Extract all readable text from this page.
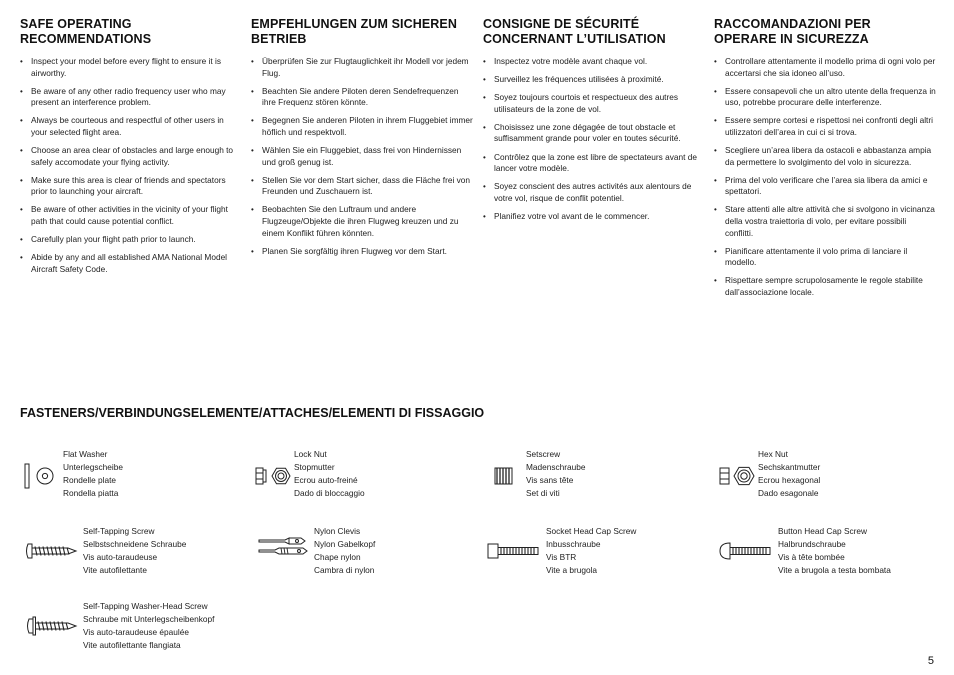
SAFE OPERATING RECOMMENDATIONS
• Inspect your model before every flight to ensure it is airworthy.
• Be aware of any other radio frequency user who may present an interference problem.
• Always be courteous and respectful of other users in your selected flight area.
• Choose an area clear of obstacles and large enough to safely accomodate your flying activity.
• Make sure this area is clear of friends and spectators prior to launching your aircraft.
• Be aware of other activities in the vicinity of your flight path that could cause potential conflict.
• Carefully plan your flight path prior to launch.
• Abide by any and all established AMA National Model Aircraft Safety Code.
EMPFEHLUNGEN ZUM SICHEREN BETRIEB
• Überprüfen Sie zur Flugtauglichkeit ihr Modell vor jedem Flug.
• Beachten Sie andere Piloten deren Sendefrequenzen ihre Frequenz stören könnte.
• Begegnen Sie anderen Piloten in ihrem Fluggebiet immer höflich und respektvoll.
• Wählen Sie ein Fluggebiet, dass frei von Hindernissen und groß genug ist.
• Stellen Sie vor dem Start sicher, dass die Fläche frei von Freunden und Zuschauern ist.
• Beobachten Sie den Luftraum und andere Flugzeuge/Objekte die ihren Flugweg kreuzen und zu einem Konflikt führen könnten.
• Planen Sie sorgfältig ihren Flugweg vor dem Start.
CONSIGNE DE SÉCURITÉ CONCERNANT L’UTILISATION
• Inspectez votre modèle avant chaque vol.
• Surveillez les fréquences utilisées à proximité.
• Soyez toujours courtois et respectueux des autres utilisateurs de la zone de vol.
• Choisissez une zone dégagée de tout obstacle et suffisamment grande pour voler en toutes sécurité.
• Contrôlez que la zone est libre de spectateurs avant de lancer votre modèle.
• Soyez conscient des autres activités aux alentours de votre vol, risque de conflit potentiel.
• Planifiez votre vol avant de le commencer.
RACCOMANDAZIONI PER OPERARE IN SICUREZZA
• Controllare attentamente il modello prima di ogni volo per accertarsi che sia idoneo all’uso.
• Essere consapevoli che un altro utente della frequenza in uso, potrebbe procurare delle interferenze.
• Essere sempre cortesi e rispettosi nei confronti degli altri utilizzatori dell’area in cui ci si trova.
• Scegliere un’area libera da ostacoli e abbastanza ampia da permettere lo svolgimento del volo in sicurezza.
• Prima del volo verificare che l’area sia libera da amici e spettatori.
• Stare attenti alle altre attività che si svolgono in vicinanza della vostra traiettoria di volo, per evitare possibili conflitti.
• Pianificare attentamente il volo prima di lanciare il modello.
• Rispettare sempre scrupolosamente le regole stabilite dall’associazione locale.
FASTENERS/VERBINDUNGSELEMENTE/ATTACHES/ELEMENTI DI FISSAGGIO
Flat Washer
Unterlegscheibe
Rondelle plate
Rondella piatta
Lock Nut
Stopmutter
Ecrou auto-freiné
Dado di bloccaggio
Setscrew
Madenschraube
Vis sans tête
Set di viti
Hex Nut
Sechskantmutter
Ecrou hexagonal
Dado esagonale
Self-Tapping Screw
Selbstschneidene Schraube
Vis auto-taraudeuse
Vite autofilettante
Nylon Clevis
Nylon Gabelkopf
Chape nylon
Cambra di nylon
Socket Head Cap Screw
Inbusschraube
Vis BTR
Vite a brugola
Button Head Cap Screw
Halbrundschraube
Vis à tête bombée
Vite a brugola a testa bombata
Self-Tapping Washer-Head Screw
Schraube mit Unterlegscheibenkopf
Vis auto-taraudeuse épaulée
Vite autofilettante flangiata
5
